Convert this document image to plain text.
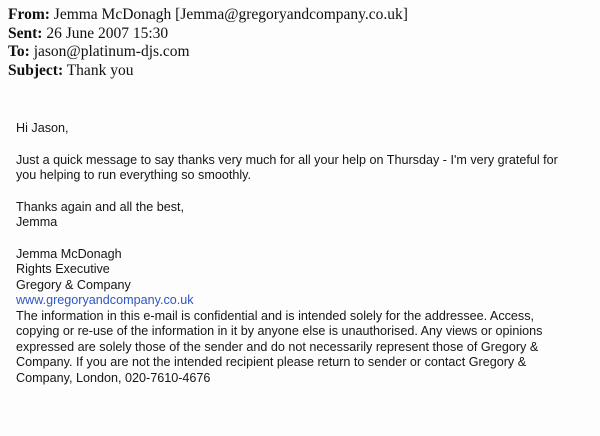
From: Jemma McDonagh [Jemma@gregoryandcompany.co.uk]
Sent: 26 June 2007 15:30
To: jason@platinum-djs.com
Subject: Thank you

Hi Jason,

Just a quick message to say thanks very much for all your help on Thursday - I'm very grateful for
you helping to run everything so smoothly.

Thanks again and all the best,
Jemma

Jemma McDonagh
Rights Executive
Gregory & Company
www.gregoryandcompany.co.uk
The information in this e-mail is confidential and is intended solely for the addressee. Access,
copying or re-use of the information in it by anyone else is unauthorised. Any views or opinions
expressed are solely those of the sender and do not necessarily represent those of Gregory &
Company. If you are not the intended recipient please return to sender or contact Gregory &
Company, London, 020-7610-4676
